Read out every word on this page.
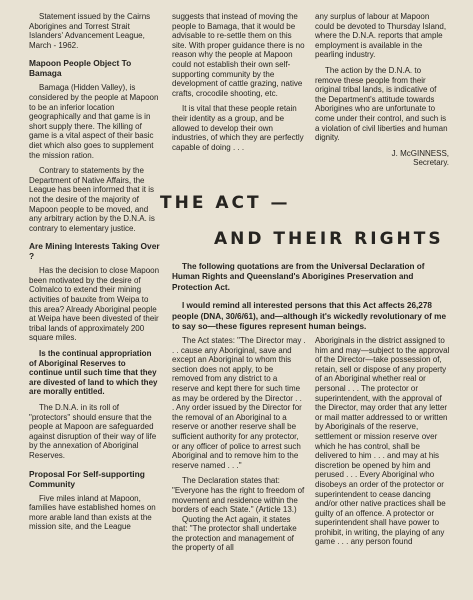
Statement issued by the Cairns Aborigines and Torrest Strait Islanders' Advancement League, March - 1962.

Mapoon People Object To Bamaga

Bamaga (Hidden Valley), is considered by the people at Mapoon to be an inferior location geographically and that game is in short supply there. The killing of game is a vital aspect of their basic diet which also goes to supplement the mission ration.

Contrary to statements by the Department of Native Affairs, the League has been informed that it is not the desire of the majority of Mapoon people to be moved, and any arbitrary action by the D.N.A. is contrary to elementary justice.

Are Mining Interests Taking Over ?

Has the decision to close Mapoon been motivated by the desire of Colmalco to extend their mining activities of bauxite from Weipa to this area? Already Aboriginal people at Weipa have been divested of their tribal lands of approximately 200 square miles.

Is the continual appropriation of Aboriginal Reserves to continue until such time that they are divested of land to which they are morally entitled.

The D.N.A. in its roll of "protectors" should ensure that the people at Mapoon are safeguarded against disruption of their way of life by the annexation of Aboriginal Reserves.

Proposal For Self-supporting Community

Five miles inland at Mapoon, families have established homes on more arable land than exists at the mission site, and the League

suggests that instead of moving the people to Bamaga, that it would be advisable to re-settle them on this site. With proper guidance there is no reason why the people at Mapoon could not establish their own self-supporting community by the development of cattle grazing, native crafts, crocodile shooting, etc.

It is vital that these people retain their identity as a group, and be allowed to develop their own industries, of which they are perfectly capable of doing . . .

any surplus of labour at Mapoon could be devoted to Thursday Island, where the D.N.A. reports that ample employment is available in the pearling industry.

The action by the D.N.A. to remove these people from their original tribal lands, is indicative of the Department's attitude towards Aborigines who are unfortunate to come under their control, and such is a violation of civil liberties and human dignity.

J. McGINNESS,

Secretary.

THE ACT —
AND THEIR RIGHTS

The following quotations are from the Universal Declaration of Human Rights and Queensland's Aborigines Preservation and Protection Act.

I would remind all interested persons that this Act affects 26,278 people (DNA, 30/6/61), and—although it's wickedly revolutionary of me to say so—these figures represent human beings.

The Act states: "The Director may . . . cause any Aboriginal, save and except an Aboriginal to whom this section does not apply, to be removed from any district to a reserve and kept there for such time as may be ordered by the Director . . . Any order issued by the Director for the removal of an Aboriginal to a reserve or another reserve shall be sufficient authority for any protector, or any officer of police to arrest such Aboriginal and to remove him to the reserve named . . ."

The Declaration states that: "Everyone has the right to freedom of movement and residence within the borders of each State." (Article 13.)

Quoting the Act again, it states that: "The protector shall undertake the protection and management of the property of all

Aboriginals in the district assigned to him and may—subject to the approval of the Director—take possession of, retain, sell or dispose of any property of an Aboriginal whether real or personal . . . The protector or superintendent, with the approval of the Director, may order that any letter or mail matter addressed to or written by Aboriginals of the reserve, settlement or mission reserve over which he has control, shall be delivered to him . . . and may at his discretion be opened by him and perused . . . Every Aboriginal who disobeys an order of the protector or superintendent to cease dancing and/or other native practices shall be guilty of an offence. A protector or superintendent shall have power to prohibit, in writing, the playing of any game . . . any person found
